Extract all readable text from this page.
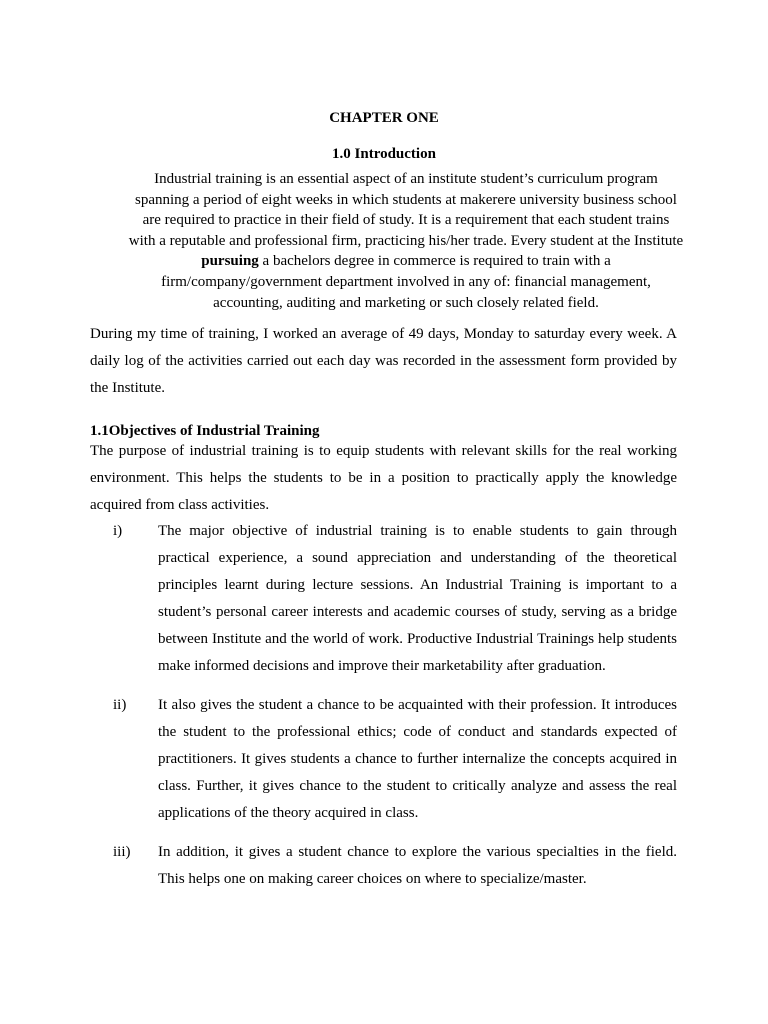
CHAPTER ONE
1.0 Introduction

Industrial training is an essential aspect of an institute student’s curriculum program spanning a period of eight weeks in which students at makerere university business school are required to practice in their field of study. It is a requirement that each student trains with a reputable and professional firm, practicing his/her trade. Every student at the Institute pursuing a bachelors degree in commerce is required to train with a firm/company/government department involved in any of: financial management, accounting, auditing and marketing or such closely related field.

During my time of training, I worked an average of 49 days, Monday to saturday every week. A daily log of the activities carried out each day was recorded in the assessment form provided by the Institute.

1.1Objectives of Industrial Training

The purpose of industrial training is to equip students with relevant skills for the real working environment. This helps the students to be in a position to practically apply the knowledge acquired from class activities.

i) The major objective of industrial training is to enable students to gain through practical experience, a sound appreciation and understanding of the theoretical principles learnt during lecture sessions. An Industrial Training is important to a student’s personal career interests and academic courses of study, serving as a bridge between Institute and the world of work. Productive Industrial Trainings help students make informed decisions and improve their marketability after graduation.

ii) It also gives the student a chance to be acquainted with their profession. It introduces the student to the professional ethics; code of conduct and standards expected of practitioners. It gives students a chance to further internalize the concepts acquired in class. Further, it gives chance to the student to critically analyze and assess the real applications of the theory acquired in class.

iii) In addition, it gives a student chance to explore the various specialties in the field. This helps one on making career choices on where to specialize/master.
